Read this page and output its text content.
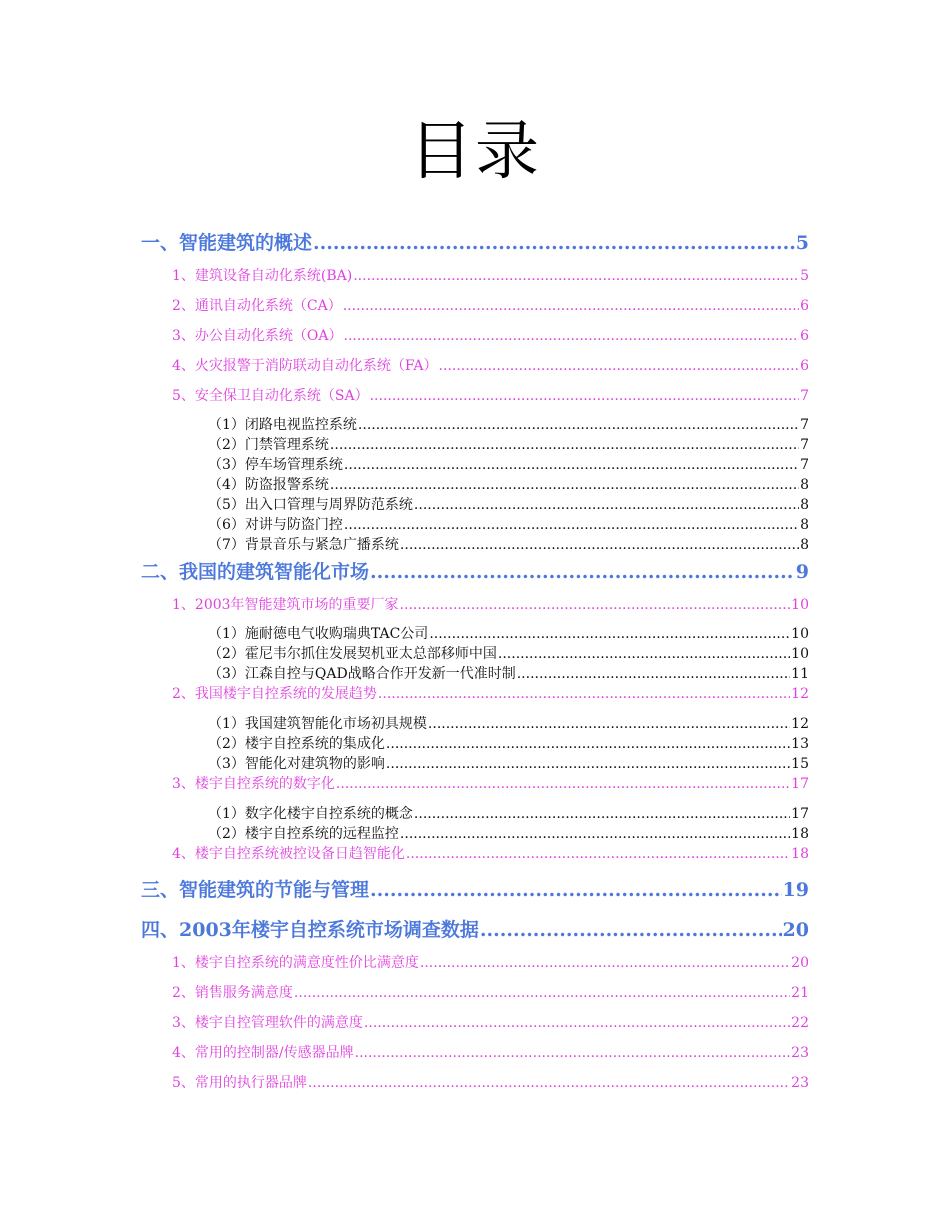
目录
一、智能建筑的概述 .....	5
1、建筑设备自动化系统(BA) .....	5
2、通讯自动化系统（CA） .....	6
3、办公自动化系统（OA） .....	6
4、火灾报警于消防联动自动化系统（FA） .....	6
5、安全保卫自动化系统（SA） .....	7
（1）闭路电视监控系统 .....	7
（2）门禁管理系统 .....	7
（3）停车场管理系统 .....	7
（4）防盗报警系统 .....	8
（5）出入口管理与周界防范系统 .....	8
（6）对讲与防盗门控 .....	8
（7）背景音乐与紧急广播系统 .....	8
二、我国的建筑智能化市场 .....	9
1、2003年智能建筑市场的重要厂家 .....	10
（1）施耐德电气收购瑞典TAC公司 .....	10
（2）霍尼韦尔抓住发展契机亚太总部移师中国 .....	10
（3）江森自控与QAD战略合作开发新一代准时制 .....	11
2、我国楼宇自控系统的发展趋势 .....	12
（1）我国建筑智能化市场初具规模 .....	12
（2）楼宇自控系统的集成化 .....	13
（3）智能化对建筑物的影响 .....	15
3、楼宇自控系统的数字化 .....	17
（1）数字化楼宇自控系统的概念 .....	17
（2）楼宇自控系统的远程监控 .....	18
4、楼宇自控系统被控设备日趋智能化 .....	18
三、智能建筑的节能与管理 .....	19
四、2003年楼宇自控系统市场调查数据 .....	20
1、楼宇自控系统的满意度性价比满意度 .....	20
2、销售服务满意度 .....	21
3、楼宇自控管理软件的满意度 .....	22
4、常用的控制器/传感器品牌 .....	23
5、常用的执行器品牌 .....	23
